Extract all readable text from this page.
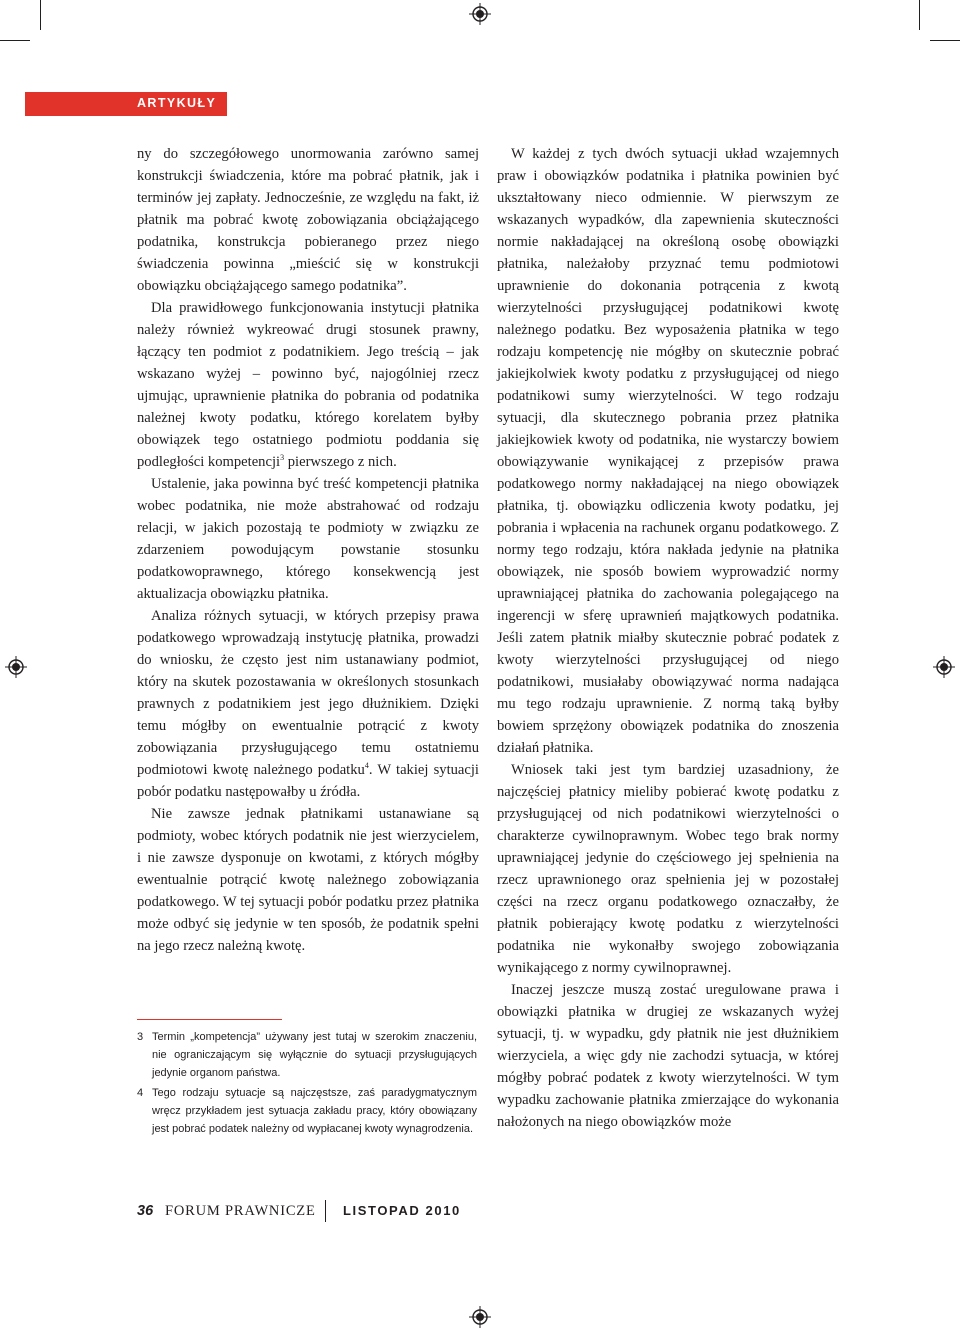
ARTYKUŁY

ny do szczegółowego unormowania zarówno samej konstrukcji świadczenia, które ma pobrać płatnik, jak i terminów jej zapłaty. Jednocześnie, ze względu na fakt, iż płatnik ma pobrać kwotę zobowiązania obciążającego podatnika, konstrukcja pobieranego przez niego świadczenia powinna „mieścić się w konstrukcji obowiązku obciążającego samego podatnika”.

Dla prawidłowego funkcjonowania instytucji płatnika należy również wykreować drugi stosunek prawny, łączący ten podmiot z podatnikiem. Jego treścią – jak wskazano wyżej – powinno być, najogólniej rzecz ujmując, uprawnienie płatnika do pobrania od podatnika należnej kwoty podatku, którego korelatem byłby obowiązek tego ostatniego podmiotu poddania się podległości kompetencji$^3$ pierwszego z nich.

Ustalenie, jaka powinna być treść kompetencji płatnika wobec podatnika, nie może abstrahować od rodzaju relacji, w jakich pozostają te podmioty w związku ze zdarzeniem powodującym powstanie stosunku podatkowoprawnego, którego konsekwencją jest aktualizacja obowiązku płatnika.

Analiza różnych sytuacji, w których przepisy prawa podatkowego wprowadzają instytucję płatnika, prowadzi do wniosku, że często jest nim ustanawiany podmiot, który na skutek pozostawania w określonych stosunkach prawnych z podatnikiem jest jego dłużnikiem. Dzięki temu mógłby on ewentualnie potrącić z kwoty zobowiązania przysługującego temu ostatniemu podmiotowi kwotę należnego podatku$^4$. W takiej sytuacji pobór podatku następowałby u źródła.

Nie zawsze jednak płatnikami ustanawiane są podmioty, wobec których podatnik nie jest wierzycielem, i nie zawsze dysponuje on kwotami, z których mógłby ewentualnie potrącić kwotę należnego zobowiązania podatkowego. W tej sytuacji pobór podatku przez płatnika może odbyć się jedynie w ten sposób, że podatnik spełni na jego rzecz należną kwotę.

3 Termin „kompetencja” używany jest tutaj w szerokim znaczeniu, nie ograniczającym się wyłącznie do sytuacji przysługujących jedynie organom państwa.

4 Tego rodzaju sytuacje są najczęstsze, zaś paradygmatycznym wręcz przykładem jest sytuacja zakładu pracy, który obowiązany jest pobrać podatek należny od wypłacanej kwoty wynagrodzenia.

W każdej z tych dwóch sytuacji układ wzajemnych praw i obowiązków podatnika i płatnika powinien być ukształtowany nieco odmiennie. W pierwszym ze wskazanych wypadków, dla zapewnienia skuteczności normie nakładającej na określoną osobę obowiązki płatnika, należałoby przyznać temu podmiotowi uprawnienie do dokonania potrącenia z kwotą wierzytelności przysługującej podatnikowi kwotę należnego podatku. Bez wyposażenia płatnika w tego rodzaju kompetencję nie mógłby on skutecznie pobrać jakiejkolwiek kwoty podatku z przysługującej od niego podatnikowi sumy wierzytelności. W tego rodzaju sytuacji, dla skutecznego pobrania przez płatnika jakiejkowiek kwoty od podatnika, nie wystarczy bowiem obowiązywanie wynikającej z przepisów prawa podatkowego normy nakładającej na niego obowiązek płatnika, tj. obowiązku odliczenia kwoty podatku, jej pobrania i wpłacenia na rachunek organu podatkowego. Z normy tego rodzaju, która nakłada jedynie na płatnika obowiązek, nie sposób bowiem wyprowadzić normy uprawniającej płatnika do zachowania polegającego na ingerencji w sferę uprawnień majątkowych podatnika. Jeśli zatem płatnik miałby skutecznie pobrać podatek z kwoty wierzytelności przysługującej od niego podatnikowi, musiałaby obowiązywać norma nadająca mu tego rodzaju uprawnienie. Z normą taką byłby bowiem sprzężony obowiązek podatnika do znoszenia działań płatnika.

Wniosek taki jest tym bardziej uzasadniony, że najczęściej płatnicy mieliby pobierać kwotę podatku z przysługującej od nich podatnikowi wierzytelności o charakterze cywilnoprawnym. Wobec tego brak normy uprawniającej jedynie do częściowego jej spełnienia na rzecz uprawnionego oraz spełnienia jej w pozostałej części na rzecz organu podatkowego oznaczałby, że płatnik pobierający kwotę podatku z wierzytelności podatnika nie wykonałby swojego zobowiązania wynikającego z normy cywilnoprawnej.

Inaczej jeszcze muszą zostać uregulowane prawa i obowiązki płatnika w drugiej ze wskazanych wyżej sytuacji, tj. w wypadku, gdy płatnik nie jest dłużnikiem wierzyciela, a więc gdy nie zachodzi sytuacja, w której mógłby pobrać podatek z kwoty wierzytelności. W tym wypadku zachowanie płatnika zmierzające do wykonania nałożonych na niego obowiązków może

36 FORUM PRAWNICZE LISTOPAD 2010
